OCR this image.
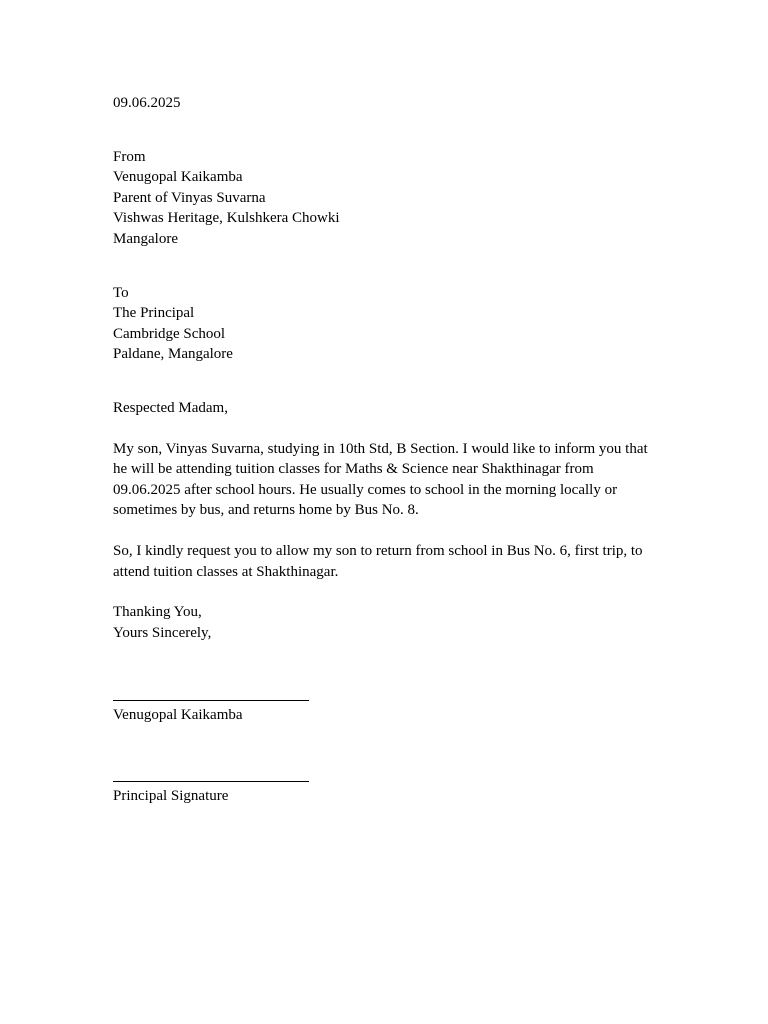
09.06.2025
From
Venugopal Kaikamba
Parent of Vinyas Suvarna
Vishwas Heritage, Kulshkera Chowki
Mangalore
To
The Principal
Cambridge School
Paldane, Mangalore
Respected Madam,
My son, Vinyas Suvarna, studying in 10th Std, B Section. I would like to inform you that
he will be attending tuition classes for Maths & Science near Shakthinagar from
09.06.2025 after school hours. He usually comes to school in the morning locally or
sometimes by bus, and returns home by Bus No. 8.
So, I kindly request you to allow my son to return from school in Bus No. 6, first trip, to
attend tuition classes at Shakthinagar.
Thanking You,
Yours Sincerely,
Venugopal Kaikamba
Principal Signature
